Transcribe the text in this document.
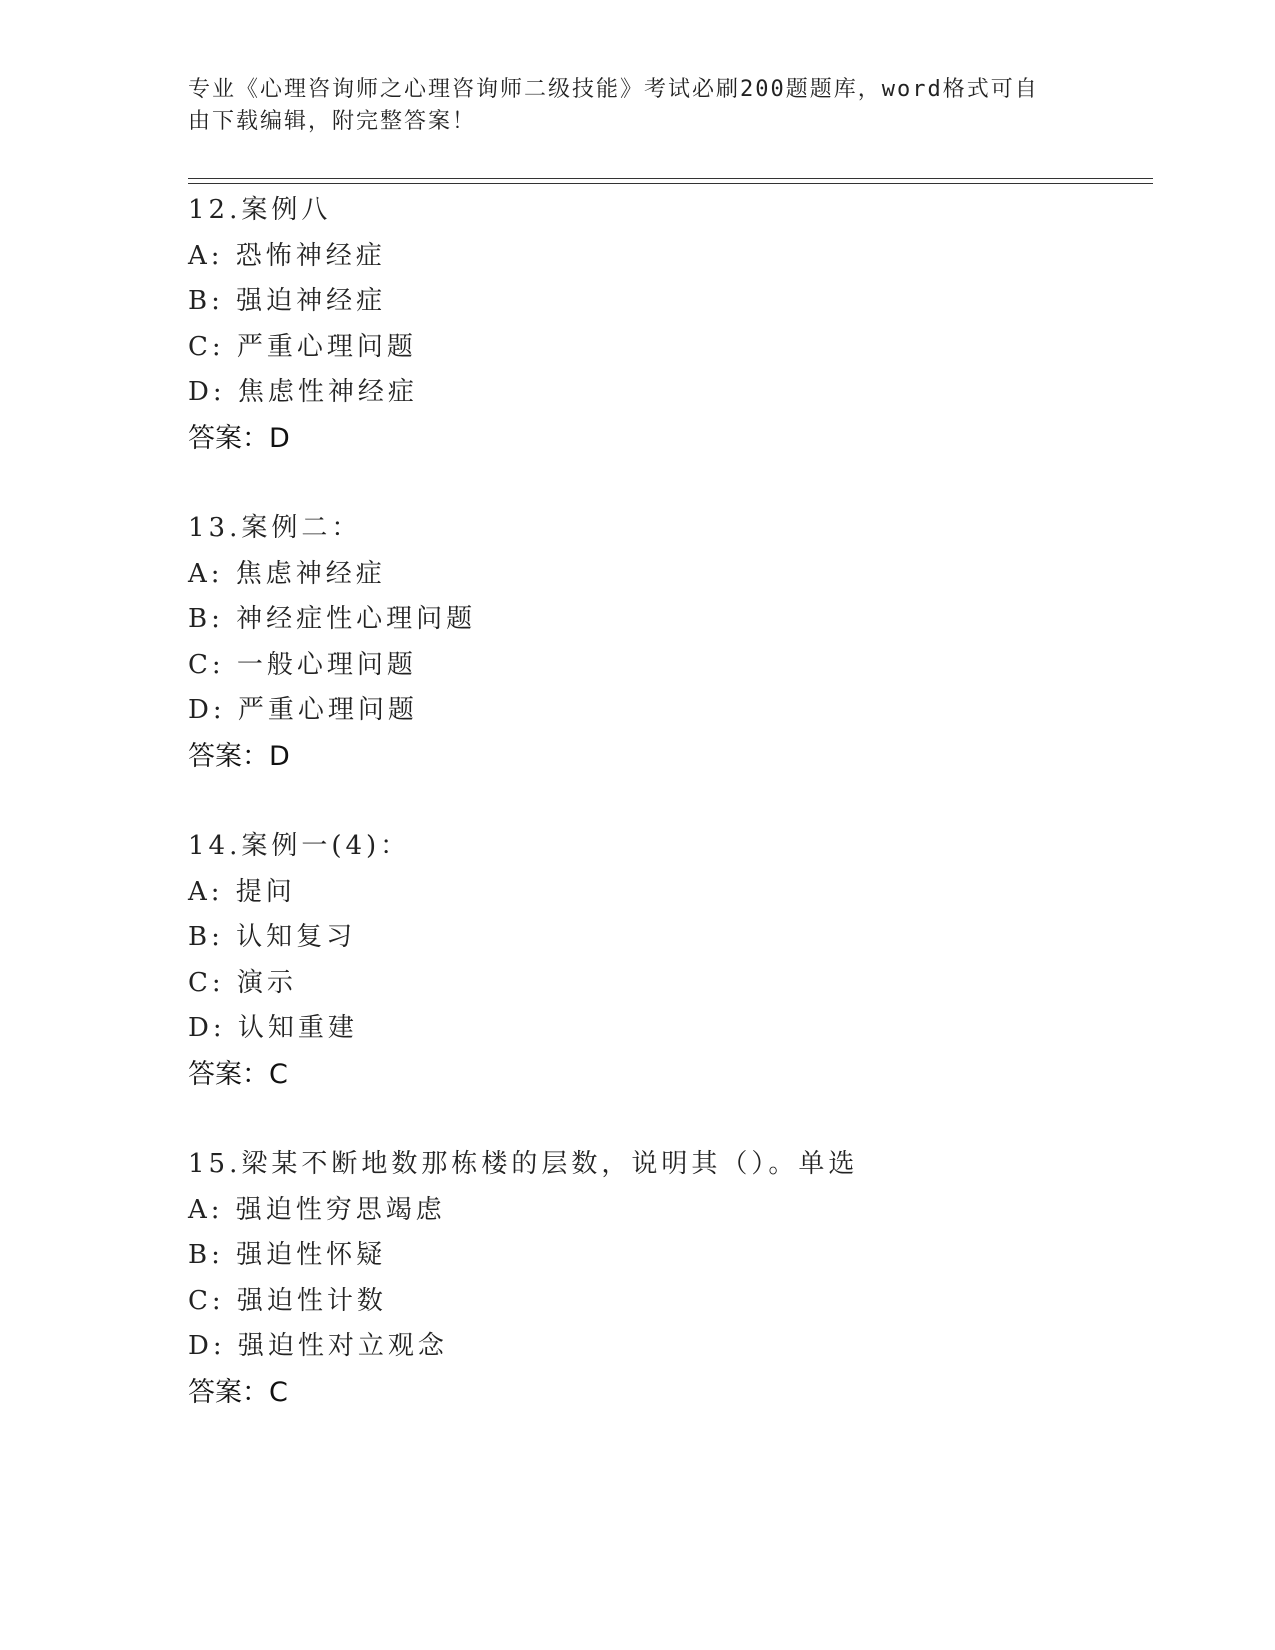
专业《心理咨询师之心理咨询师二级技能》考试必刷200题题库，word格式可自
由下载编辑，附完整答案！
12.案例八
A: 恐怖神经症
B: 强迫神经症
C: 严重心理问题
D: 焦虑性神经症
答案：D
13.案例二：
A: 焦虑神经症
B: 神经症性心理问题
C: 一般心理问题
D: 严重心理问题
答案：D
14.案例一(4)：
A: 提问
B: 认知复习
C: 演示
D: 认知重建
答案：C
15.梁某不断地数那栋楼的层数，说明其（）。单选
A: 强迫性穷思竭虑
B: 强迫性怀疑
C: 强迫性计数
D: 强迫性对立观念
答案：C
